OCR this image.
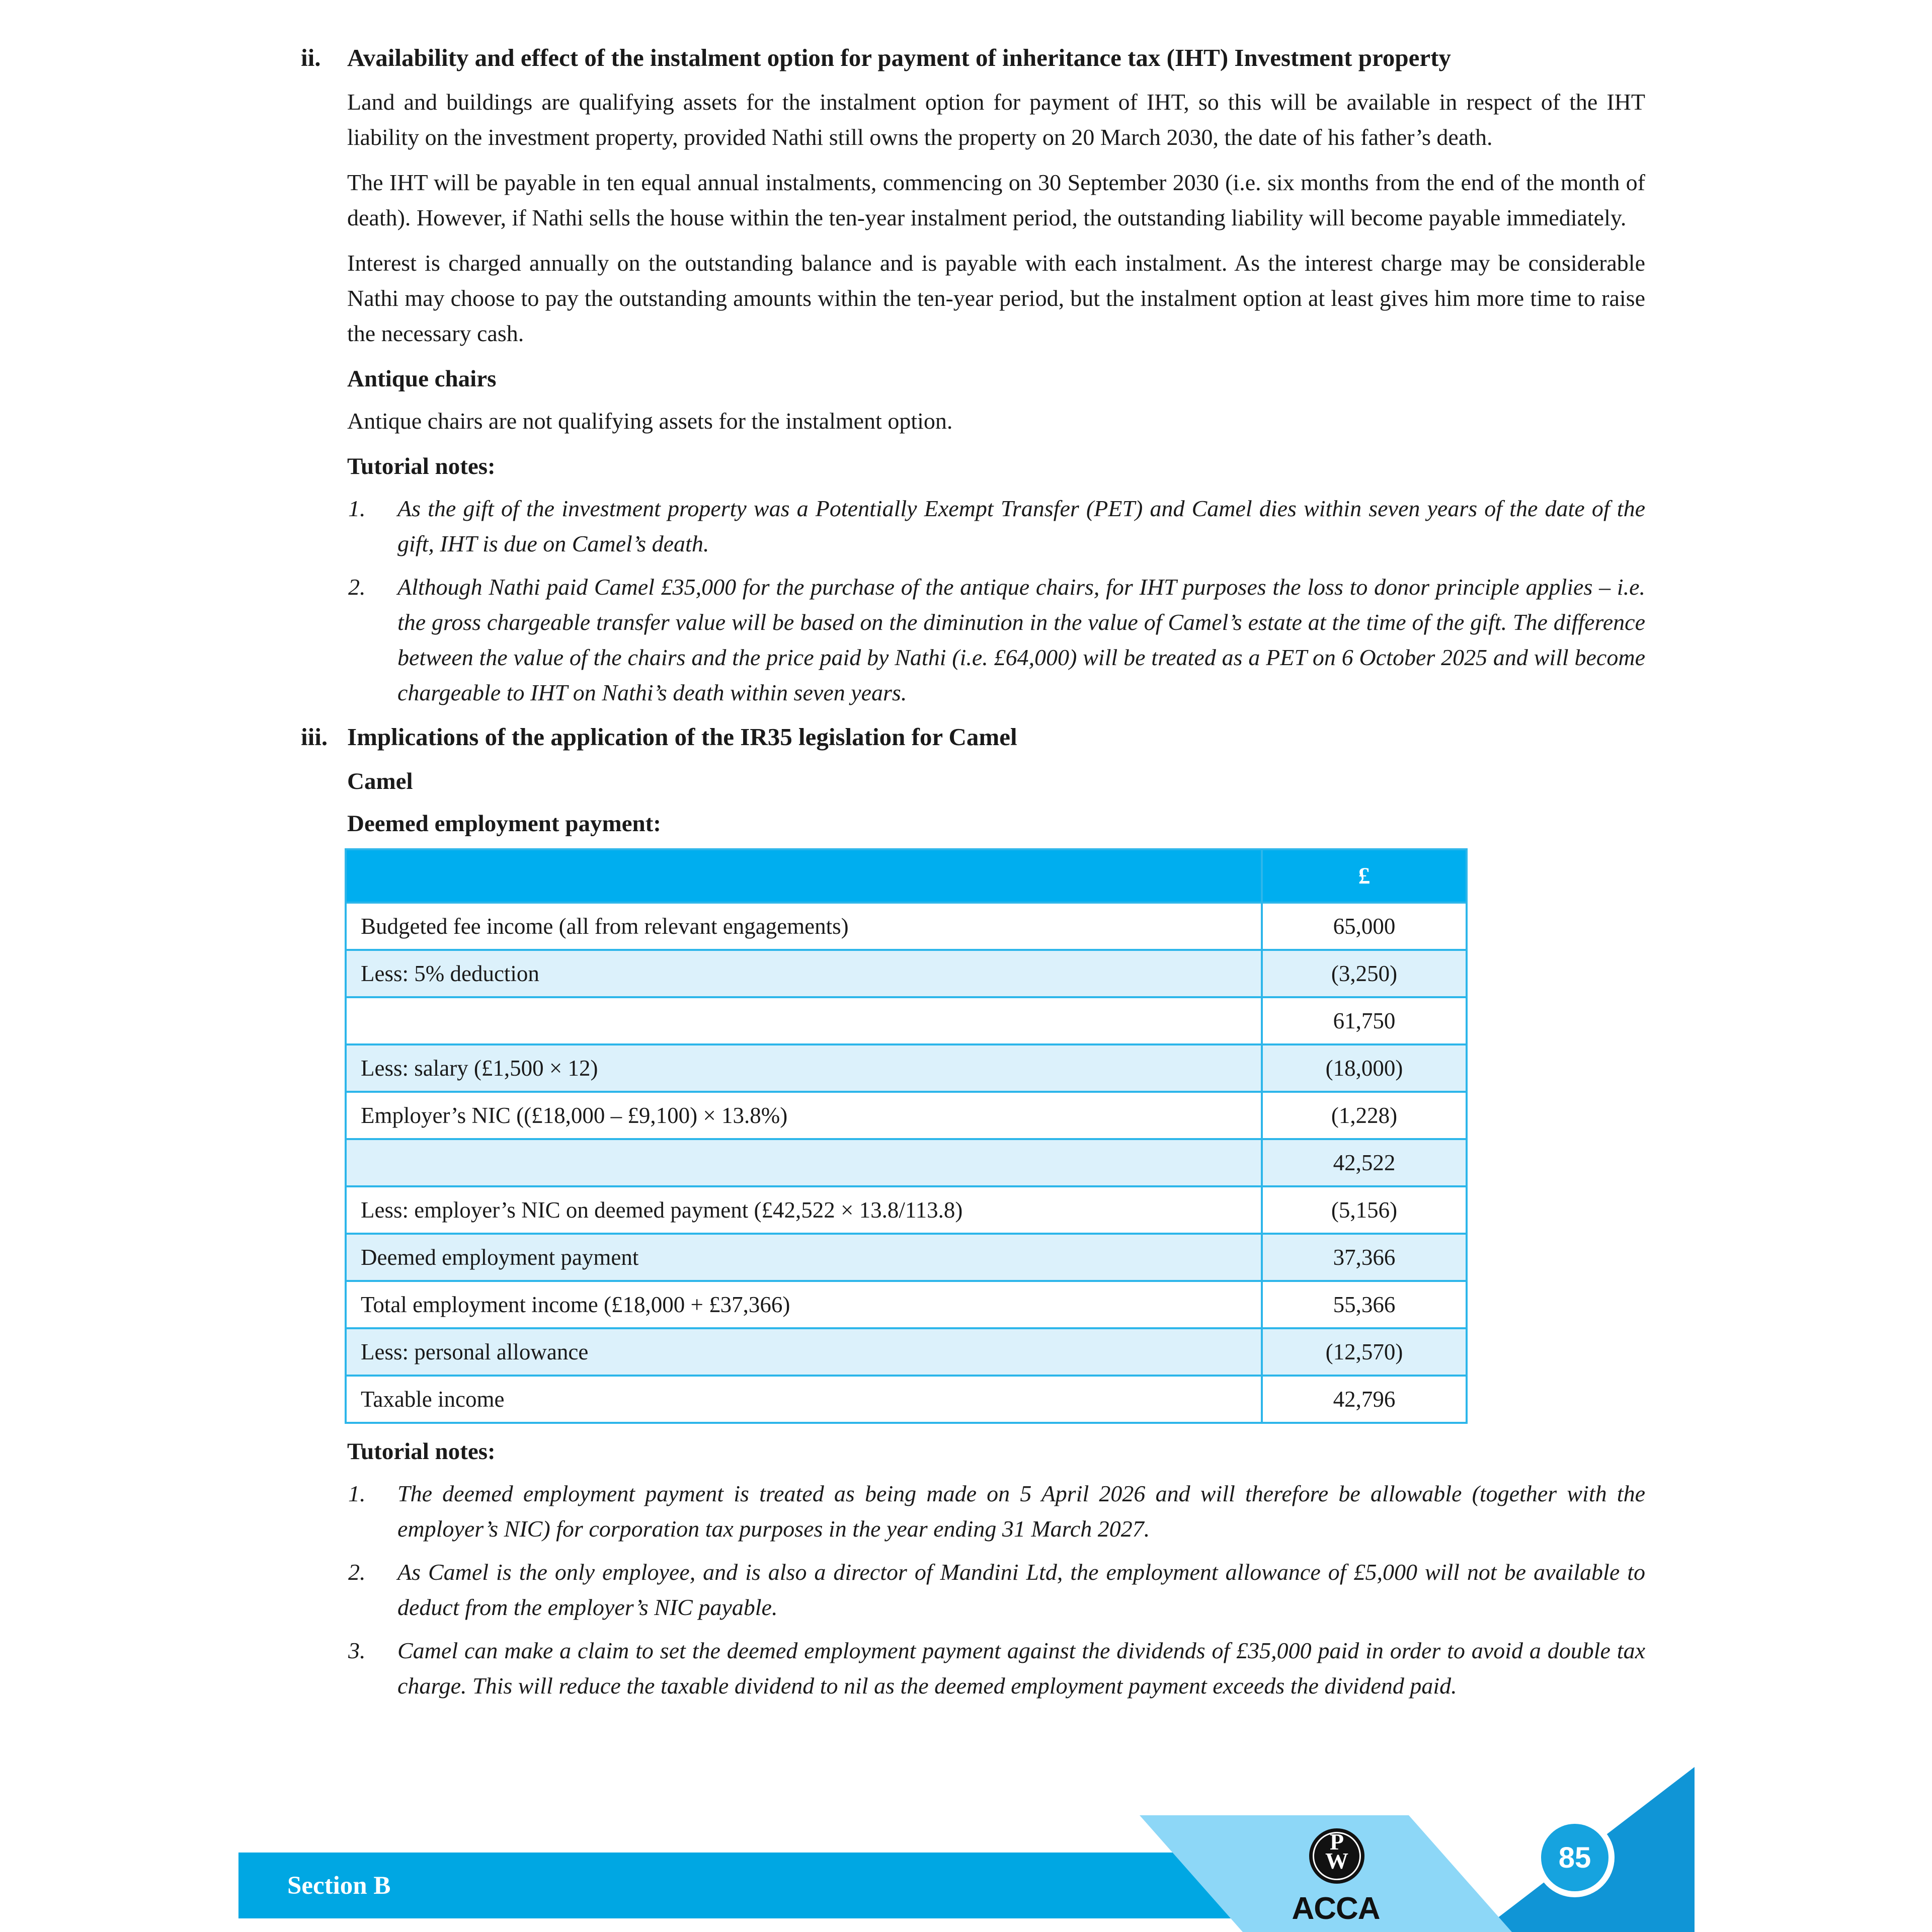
ii.	Availability and effect of the instalment option for payment of inheritance tax (IHT) Investment property

Land and buildings are qualifying assets for the instalment option for payment of IHT, so this will be available in respect of the IHT liability on the investment property, provided Nathi still owns the property on 20 March 2030, the date of his father’s death.

The IHT will be payable in ten equal annual instalments, commencing on 30 September 2030 (i.e. six months from the end of the month of death). However, if Nathi sells the house within the ten-year instalment period, the outstanding liability will become payable immediately.

Interest is charged annually on the outstanding balance and is payable with each instalment. As the interest charge may be considerable Nathi may choose to pay the outstanding amounts within the ten-year period, but the instalment option at least gives him more time to raise the necessary cash.

Antique chairs

Antique chairs are not qualifying assets for the instalment option.

Tutorial notes:
1. As the gift of the investment property was a Potentially Exempt Transfer (PET) and Camel dies within seven years of the date of the gift, IHT is due on Camel’s death.
2. Although Nathi paid Camel £35,000 for the purchase of the antique chairs, for IHT purposes the loss to donor principle applies – i.e. the gross chargeable transfer value will be based on the diminution in the value of Camel’s estate at the time of the gift. The difference between the value of the chairs and the price paid by Nathi (i.e. £64,000) will be treated as a PET on 6 October 2025 and will become chargeable to IHT on Nathi’s death within seven years.
iii. Implications of the application of the IR35 legislation for Camel
Camel
Deemed employment payment:
	£
Budgeted fee income (all from relevant engagements)	65,000
Less: 5% deduction	(3,250)
	61,750
Less: salary (£1,500 × 12)	(18,000)
Employer’s NIC ((£18,000 – £9,100) × 13.8%)	(1,228)
	42,522
Less: employer’s NIC on deemed payment (£42,522 × 13.8/113.8)	(5,156)
Deemed employment payment	37,366
Total employment income (£18,000 + £37,366)	55,366
Less: personal allowance	(12,570)
Taxable income	42,796
Tutorial notes:
1. The deemed employment payment is treated as being made on 5 April 2026 and will therefore be allowable (together with the employer’s NIC) for corporation tax purposes in the year ending 31 March 2027.
2. As Camel is the only employee, and is also a director of Mandini Ltd, the employment allowance of £5,000 will not be available to deduct from the employer’s NIC payable.
3. Camel can make a claim to set the deemed employment payment against the dividends of £35,000 paid in order to avoid a double tax charge. This will reduce the taxable dividend to nil as the deemed employment payment exceeds the dividend paid.
Section B
P
W
ACCA
85
